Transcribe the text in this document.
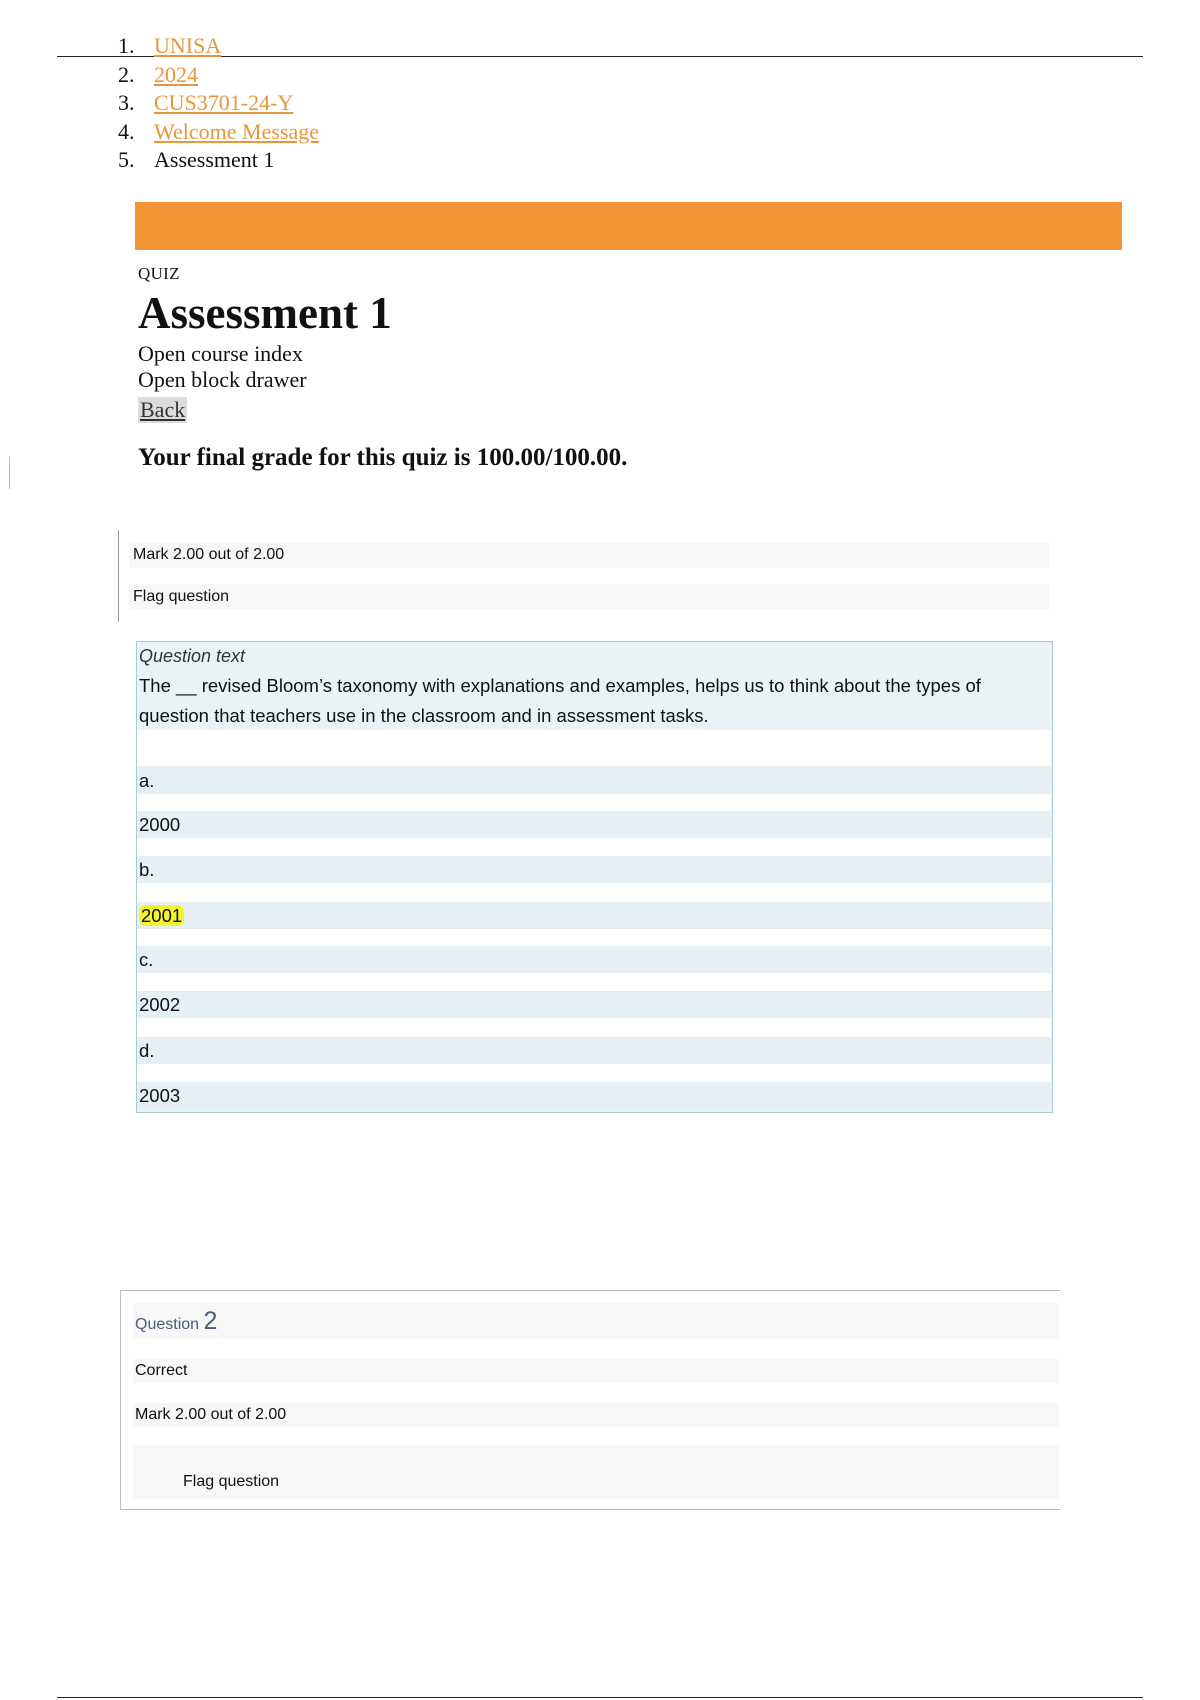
1. UNISA
2. 2024
3. CUS3701-24-Y
4. Welcome Message
5. Assessment 1
QUIZ
Assessment 1
Open course index
Open block drawer
Back
Your final grade for this quiz is 100.00/100.00.
Mark 2.00 out of 2.00
Flag question
Question text
The __ revised Bloom’s taxonomy with explanations and examples, helps us to think about the types of question that teachers use in the classroom and in assessment tasks.
a.
2000
b.
2001
c.
2002
d.
2003
Question 2
Correct
Mark 2.00 out of 2.00
Flag question
